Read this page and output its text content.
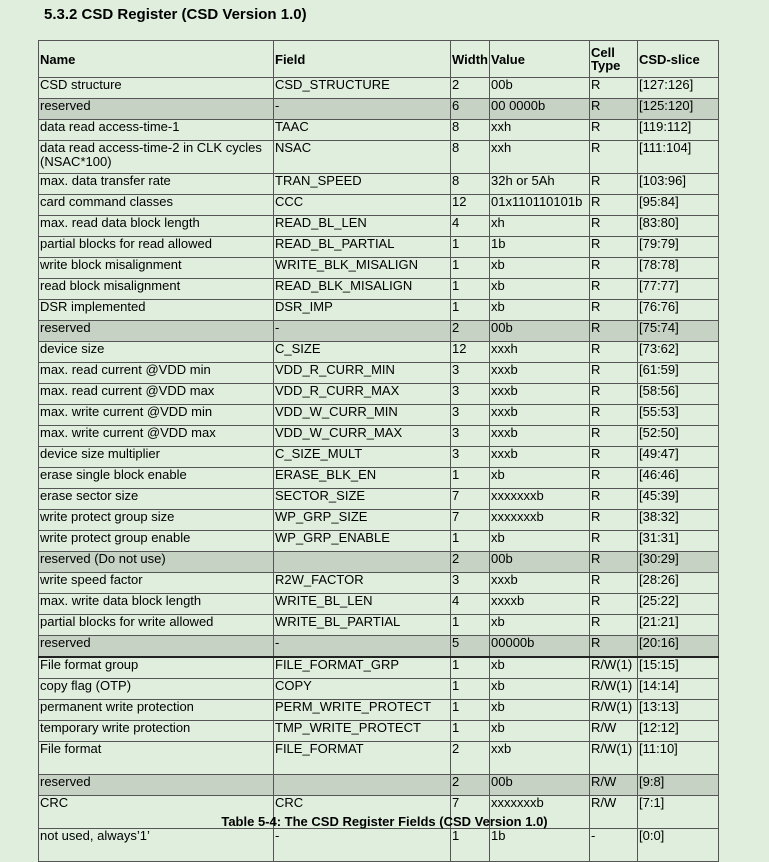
5.3.2 CSD Register (CSD Version 1.0)
Name	Field	Width	Value	Cell Type	CSD-slice
CSD structure	CSD_STRUCTURE	2	00b	R	[127:126]
reserved	-	6	00 0000b	R	[125:120]
data read access-time-1	TAAC	8	xxh	R	[119:112]
data read access-time-2 in CLK cycles (NSAC*100)	NSAC	8	xxh	R	[111:104]
max. data transfer rate	TRAN_SPEED	8	32h or 5Ah	R	[103:96]
card command classes	CCC	12	01x110110101b	R	[95:84]
max. read data block length	READ_BL_LEN	4	xh	R	[83:80]
partial blocks for read allowed	READ_BL_PARTIAL	1	1b	R	[79:79]
write block misalignment	WRITE_BLK_MISALIGN	1	xb	R	[78:78]
read block misalignment	READ_BLK_MISALIGN	1	xb	R	[77:77]
DSR implemented	DSR_IMP	1	xb	R	[76:76]
reserved	-	2	00b	R	[75:74]
device size	C_SIZE	12	xxxh	R	[73:62]
max. read current @VDD min	VDD_R_CURR_MIN	3	xxxb	R	[61:59]
max. read current @VDD max	VDD_R_CURR_MAX	3	xxxb	R	[58:56]
max. write current @VDD min	VDD_W_CURR_MIN	3	xxxb	R	[55:53]
max. write current @VDD max	VDD_W_CURR_MAX	3	xxxb	R	[52:50]
device size multiplier	C_SIZE_MULT	3	xxxb	R	[49:47]
erase single block enable	ERASE_BLK_EN	1	xb	R	[46:46]
erase sector size	SECTOR_SIZE	7	xxxxxxxb	R	[45:39]
write protect group size	WP_GRP_SIZE	7	xxxxxxxb	R	[38:32]
write protect group enable	WP_GRP_ENABLE	1	xb	R	[31:31]
reserved (Do not use)		2	00b	R	[30:29]
write speed factor	R2W_FACTOR	3	xxxb	R	[28:26]
max. write data block length	WRITE_BL_LEN	4	xxxxb	R	[25:22]
partial blocks for write allowed	WRITE_BL_PARTIAL	1	xb	R	[21:21]
reserved	-	5	00000b	R	[20:16]
File format group	FILE_FORMAT_GRP	1	xb	R/W(1)	[15:15]
copy flag (OTP)	COPY	1	xb	R/W(1)	[14:14]
permanent write protection	PERM_WRITE_PROTECT	1	xb	R/W(1)	[13:13]
temporary write protection	TMP_WRITE_PROTECT	1	xb	R/W	[12:12]
File format	FILE_FORMAT	2	xxb	R/W(1)	[11:10]
reserved		2	00b	R/W	[9:8]
CRC	CRC	7	xxxxxxxb	R/W	[7:1]
not used, always’1’	-	1	1b	-	[0:0]
Table 5-4: The CSD Register Fields (CSD Version 1.0)
